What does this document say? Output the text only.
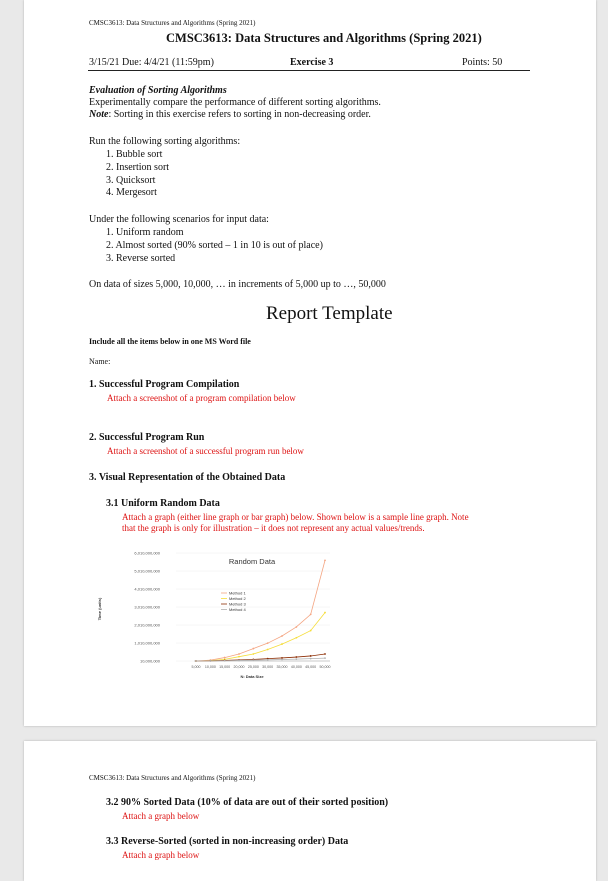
CMSC3613: Data Structures and Algorithms (Spring 2021)
CMSC3613: Data Structures and Algorithms (Spring 2021)
3/15/21 Due: 4/4/21 (11:59pm)	Exercise 3	Points: 50
Evaluation of Sorting Algorithms
Experimentally compare the performance of different sorting algorithms.
Note: Sorting in this exercise refers to sorting in non-decreasing order.
Run the following sorting algorithms:
1. Bubble sort
2. Insertion sort
3. Quicksort
4. Mergesort
Under the following scenarios for input data:
1. Uniform random
2. Almost sorted (90% sorted – 1 in 10 is out of place)
3. Reverse sorted
On data of sizes 5,000, 10,000, … in increments of 5,000 up to …, 50,000
Report Template
Include all the items below in one MS Word file
Name:
1. Successful Program Compilation
Attach a screenshot of a program compilation below
2. Successful Program Run
Attach a screenshot of a successful program run below
3. Visual Representation of the Obtained Data
3.1 Uniform Random Data
Attach a graph (either line graph or bar graph) below. Shown below is a sample line graph. Note
that the graph is only for illustration – it does not represent any actual values/trends.
10,000,000
1,010,000,000
2,010,000,000
3,010,000,000
4,010,000,000
5,010,000,000
6,010,000,000
5,000 10,000 15,000 20,000 25,000 30,000 35,000 40,000 45,000 50,000
Random Data
Time (units)
N: Data Size
Method 1
Method 2
Method 3
Method 4
CMSC3613: Data Structures and Algorithms (Spring 2021)
3.2 90% Sorted Data (10% of data are out of their sorted position)
Attach a graph below
3.3 Reverse-Sorted (sorted in non-increasing order) Data
Attach a graph below
